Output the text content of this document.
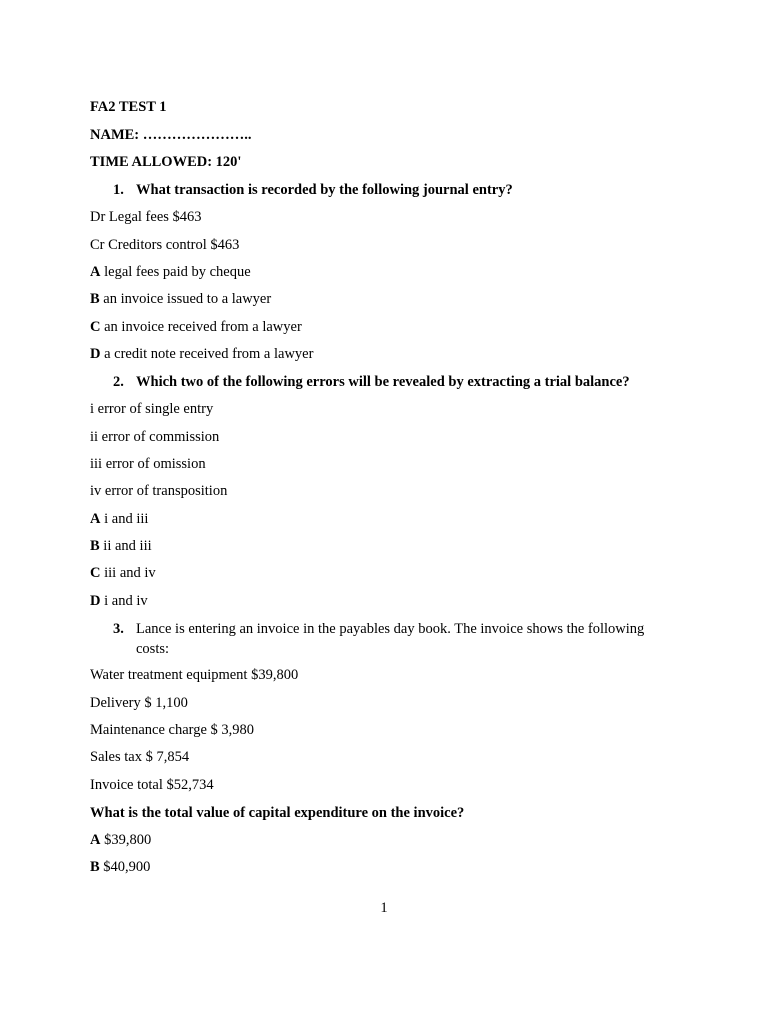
FA2 TEST 1
NAME: …………………..
TIME ALLOWED: 120'
1. What transaction is recorded by the following journal entry?
Dr Legal fees $463
Cr Creditors control $463
A legal fees paid by cheque
B an invoice issued to a lawyer
C an invoice received from a lawyer
D a credit note received from a lawyer
2. Which two of the following errors will be revealed by extracting a trial balance?
i error of single entry
ii error of commission
iii error of omission
iv error of transposition
A i and iii
B ii and iii
C iii and iv
D i and iv
3. Lance is entering an invoice in the payables day book. The invoice shows the following costs:
Water treatment equipment $39,800
Delivery $ 1,100
Maintenance charge $ 3,980
Sales tax $ 7,854
Invoice total $52,734
What is the total value of capital expenditure on the invoice?
A $39,800
B $40,900
1
